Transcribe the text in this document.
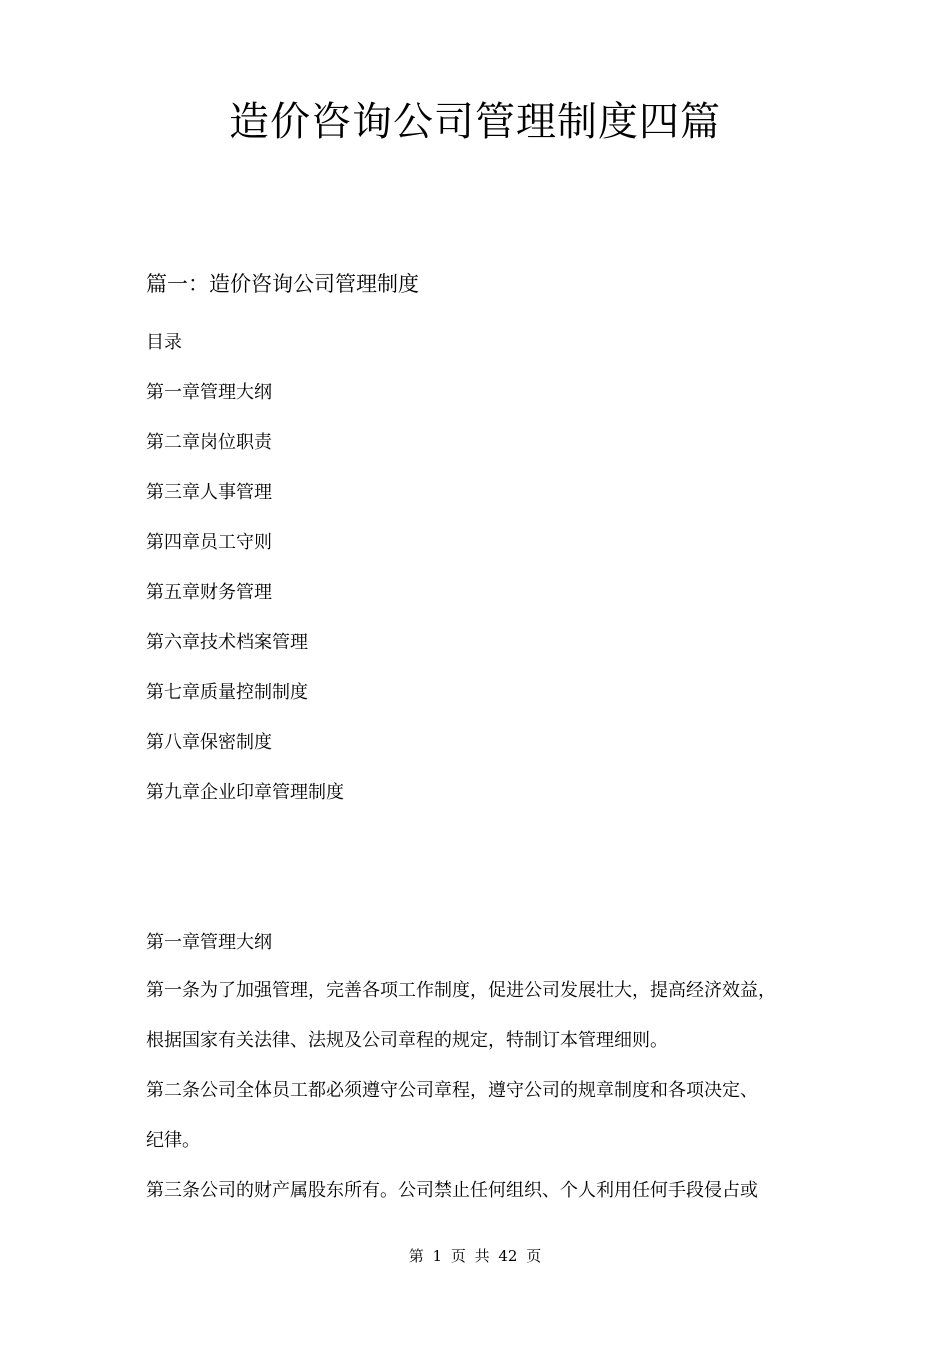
造价咨询公司管理制度四篇
篇一：造价咨询公司管理制度
目录
第一章管理大纲
第二章岗位职责
第三章人事管理
第四章员工守则
第五章财务管理
第六章技术档案管理
第七章质量控制制度
第八章保密制度
第九章企业印章管理制度
第一章管理大纲
第一条为了加强管理，完善各项工作制度，促进公司发展壮大，提高经济效益，
根据国家有关法律、法规及公司章程的规定，特制订本管理细则。
第二条公司全体员工都必须遵守公司章程，遵守公司的规章制度和各项决定、
纪律。
第三条公司的财产属股东所有。公司禁止任何组织、个人利用任何手段侵占或
第 1 页 共 42 页
